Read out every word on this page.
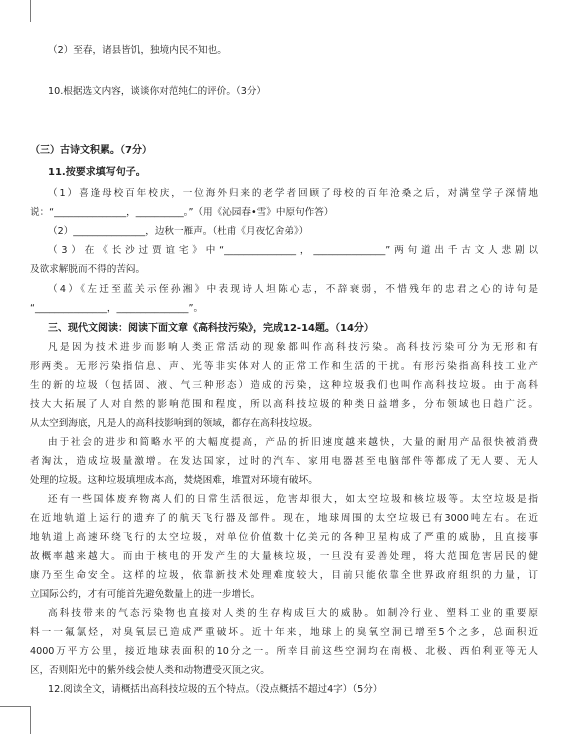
（2）至春，诸县皆饥，独境内民不知也。
10.根据选文内容，谈谈你对范纯仁的评价。（3分）
（三）古诗文积累。（7分）
11.按要求填写句子。
（1）喜逢母校百年校庆，一位海外归来的老学者回顾了母校的百年沧桑之后，对满堂学子深情地
说：“_______________，__________。”（用《沁园春•雪》中原句作答）
（2）_______________，边秋一雁声。（杜甫《月夜忆舍弟》）
（3）在《长沙过贾谊宅》中“_______________，_______________”两句道出千古文人悲剧以
及欲求解脱而不得的苦闷。
（4）《左迁至蓝关示侄孙湘》中表现诗人坦陈心志，不辞衰弱，不惜残年的忠君之心的诗句是
“_______________，_______________”。
三、现代文阅读：阅读下面文章《高科技污染》，完成12-14题。（14分）
凡是因为技术进步而影响人类正常活动的现象都叫作高科技污染。高科技污染可分为无形和有
形两类。无形污染指信息、声、光等非实体对人的正常工作和生活的干扰。有形污染指高科技工业产
生的新的垃圾（包括固、液、气三种形态）造成的污染，这种垃圾我们也叫作高科技垃圾。由于高科
技大大拓展了人对自然的影响范围和程度，所以高科技垃圾的种类日益增多，分布领域也日趋广泛。
从太空到海底，凡是人的高科技影响到的领域，都存在高科技垃圾。
由于社会的进步和简略水平的大幅度提高，产品的折旧速度越来越快，大量的耐用产品很快被消费
者淘汰，造成垃圾量激增。在发达国家，过时的汽车、家用电器甚至电脑部件等都成了无人要、无人
处理的垃圾。这种垃圾填埋成本高，焚烧困难，堆置对环境有破坏。
还有一些国体废弃物离人们的日常生活很远，危害却很大，如太空垃圾和核垃圾等。太空垃圾是指
在近地轨道上运行的遗弃了的航天飞行器及部件。现在，地球周围的太空垃圾已有3000吨左右。在近
地轨道上高速环绕飞行的太空垃圾，对单位价值数十亿美元的各种卫星构成了严重的威胁，且直接事
故概率越来越大。而由于核电的开发产生的大量核垃圾，一旦没有妥善处理，将大范围危害居民的健
康乃至生命安全。这样的垃圾，依靠新技术处理难度较大，目前只能依靠全世界政府组织的力量，订
立国际公约，才有可能首先避免数量上的进一步增长。
高科技带来的气态污染物也直接对人类的生存构成巨大的威胁。如制冷行业、塑料工业的重要原
料一一氟氯烃，对臭氧层已造成严重破坏。近十年来，地球上的臭氧空洞已增至5个之多，总面积近
4000万平方公里，接近地球表面积的10分之一。所幸目前这些空洞均在南极、北极、西伯利亚等无人
区，否则阳光中的紫外线会使人类和动物遭受灭顶之灾。
12.阅读全文，请概括出高科技垃圾的五个特点。（没点概括不超过4字）（5分）
